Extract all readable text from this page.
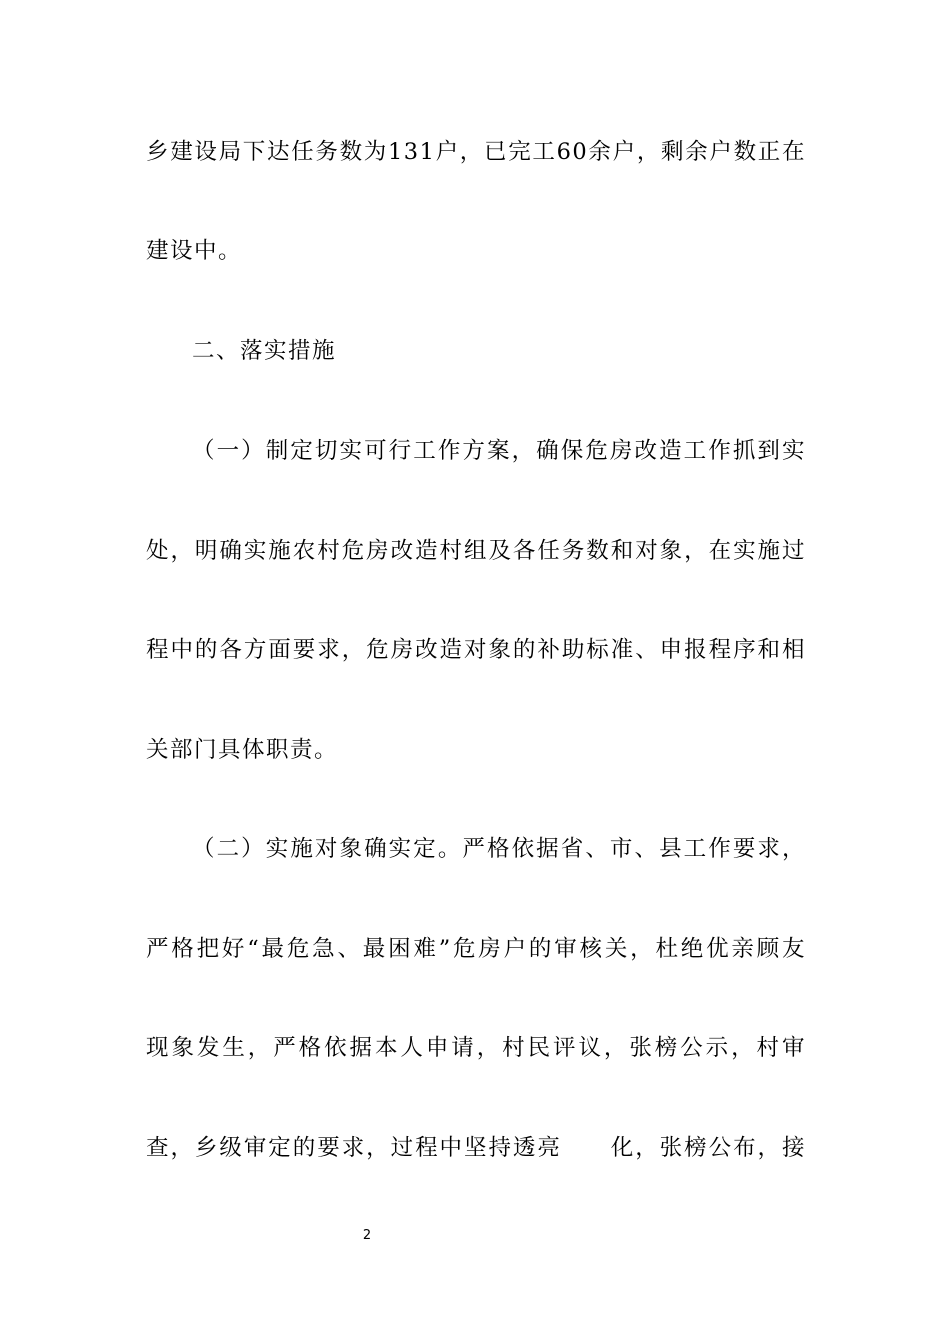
乡建设局下达任务数为131户，已完工60余户，剩余户数正在
建设中。
二、落实措施
（一）制定切实可行工作方案，确保危房改造工作抓到实
处，明确实施农村危房改造村组及各任务数和对象，在实施过
程中的各方面要求，危房改造对象的补助标准、申报程序和相
关部门具体职责。
（二）实施对象确实定。严格依据省、市、县工作要求，
严格把好“最危急、最困难”危房户的审核关，杜绝优亲顾友
现象发生，严格依据本人申请，村民评议，张榜公示，村审
查，乡级审定的要求，过程中坚持透亮　　化，张榜公布，接
2
